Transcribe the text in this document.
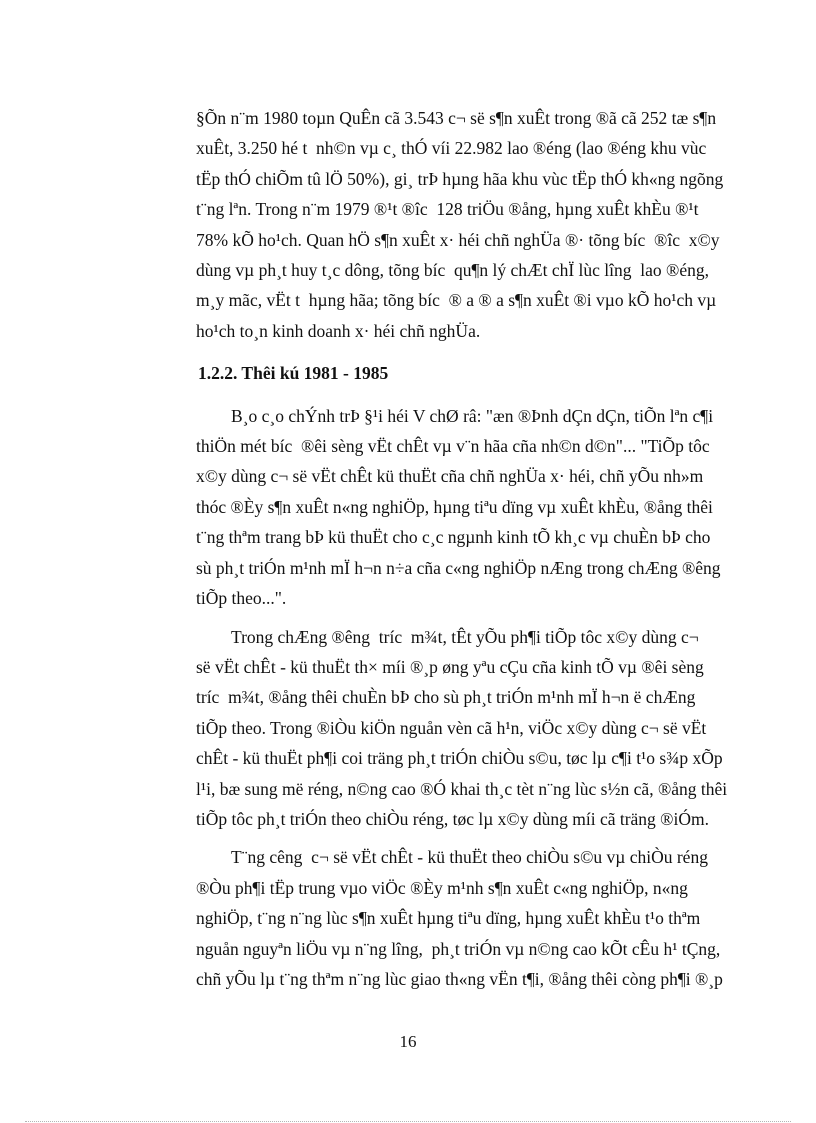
§Õn n¨m 1980 toµn QuÊn cã 3.543 c¬ së s¶n xuÊt trong ®ã cã 252 tæ s¶n
xuÊt, 3.250 hé t  nh©n vµ c¸ thÓ víi 22.982 lao ®éng (lao ®éng khu vùc
tËp thÓ chiÕm tû lÖ 50%), gi¸ trÞ hµng hãa khu vùc tËp thÓ kh«ng ngõng
t¨ng lªn. Trong n¨m 1979 ®¹t ®îc  128 triÖu ®ång, hµng xuÊt khÈu ®¹t
78% kÕ ho¹ch. Quan hÖ s¶n xuÊt x· héi chñ nghÜa ®· tõng bíc  ®îc  x©y
dùng vµ ph¸t huy t¸c dông, tõng bíc  qu¶n lý chÆt chÏ lùc lîng  lao ®éng,
m¸y mãc, vËt t  hµng hãa; tõng bíc  ® a ® a s¶n xuÊt ®i vµo kÕ ho¹ch vµ
ho¹ch to¸n kinh doanh x· héi chñ nghÜa.
1.2.2. Thêi kú 1981 - 1985
B¸o c¸o chÝnh trÞ §¹i héi V chØ râ: "æn ®Þnh dÇn dÇn, tiÕn lªn c¶i
thiÖn mét bíc  ®êi sèng vËt chÊt vµ v¨n hãa cña nh©n d©n"... "TiÕp tôc
x©y dùng c¬ së vËt chÊt kü thuËt cña chñ nghÜa x· héi, chñ yÕu nh»m
thóc ®Èy s¶n xuÊt n«ng nghiÖp, hµng tiªu dïng vµ xuÊt khÈu, ®ång thêi
t¨ng thªm trang bÞ kü thuËt cho c¸c ngµnh kinh tÕ kh¸c vµ chuÈn bÞ cho
sù ph¸t triÓn m¹nh mÏ h¬n n÷a cña c«ng nghiÖp nÆng trong chÆng ®êng
tiÕp theo...".
Trong chÆng ®êng  tríc  m¾t, tÊt yÕu ph¶i tiÕp tôc x©y dùng c¬
së vËt chÊt - kü thuËt th× míi ®¸p øng yªu cÇu cña kinh tÕ vµ ®êi sèng
tríc  m¾t, ®ång thêi chuÈn bÞ cho sù ph¸t triÓn m¹nh mÏ h¬n ë chÆng
tiÕp theo. Trong ®iÒu kiÖn nguån vèn cã h¹n, viÖc x©y dùng c¬ së vËt
chÊt - kü thuËt ph¶i coi träng ph¸t triÓn chiÒu s©u, tøc lµ c¶i t¹o s¾p xÕp
l¹i, bæ sung më réng, n©ng cao ®Ó khai th¸c tèt n¨ng lùc s½n cã, ®ång thêi
tiÕp tôc ph¸t triÓn theo chiÒu réng, tøc lµ x©y dùng míi cã träng ®iÓm.
T¨ng cêng  c¬ së vËt chÊt - kü thuËt theo chiÒu s©u vµ chiÒu réng
®Òu ph¶i tËp trung vµo viÖc ®Èy m¹nh s¶n xuÊt c«ng nghiÖp, n«ng
nghiÖp, t¨ng n¨ng lùc s¶n xuÊt hµng tiªu dïng, hµng xuÊt khÈu t¹o thªm
nguån nguyªn liÖu vµ n¨ng lîng,  ph¸t triÓn vµ n©ng cao kÕt cÊu h¹ tÇng,
chñ yÕu lµ t¨ng thªm n¨ng lùc giao th«ng vËn t¶i, ®ång thêi còng ph¶i ®¸p
16
